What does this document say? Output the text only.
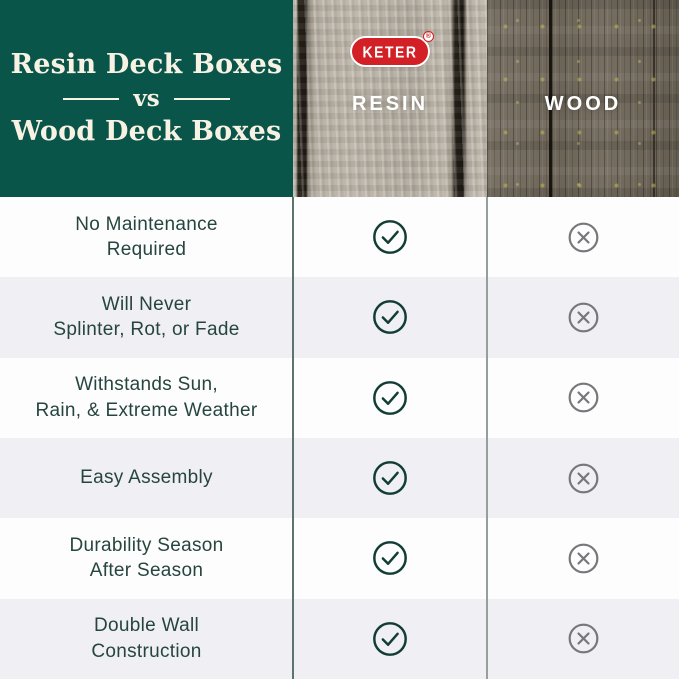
Resin Deck Boxes
vs
Wood Deck Boxes
KETER
®
RESIN	WOOD
No Maintenance
Required
Will Never
Splinter, Rot, or Fade
Withstands Sun,
Rain, & Extreme Weather
Easy Assembly
Durability Season
After Season
Double Wall
Construction
